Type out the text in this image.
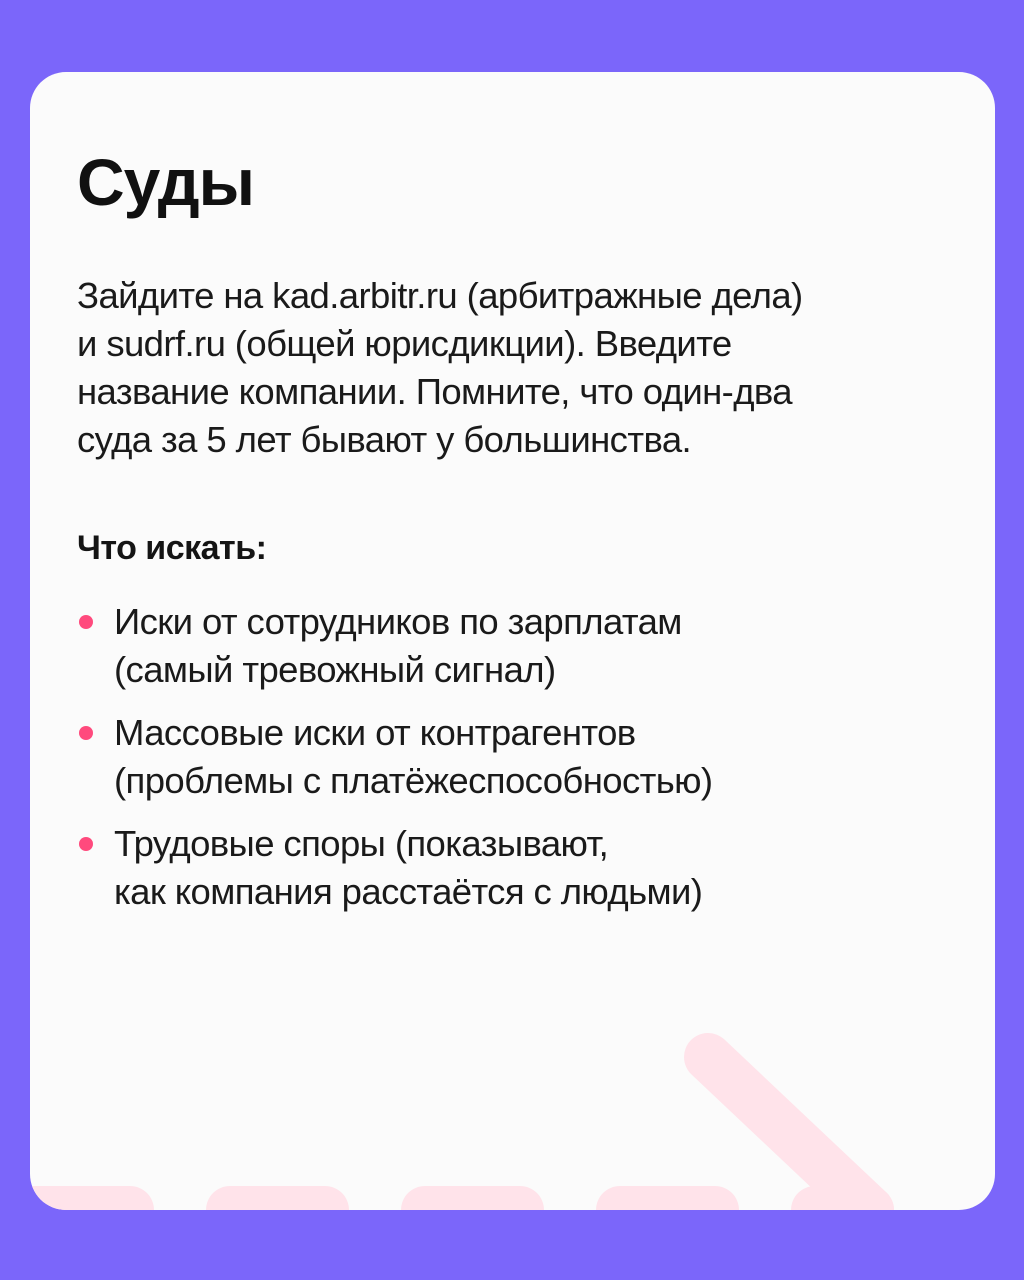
Суды

Зайдите на kad.arbitr.ru (арбитражные дела)
и sudrf.ru (общей юрисдикции). Введите
название компании. Помните, что один-два
суда за 5 лет бывают у большинства.

Что искать:
Иски от сотрудников по зарплатам
(самый тревожный сигнал)
Массовые иски от контрагентов
(проблемы с платёжеспособностью)
Трудовые споры (показывают,
как компания расстаётся с людьми)
